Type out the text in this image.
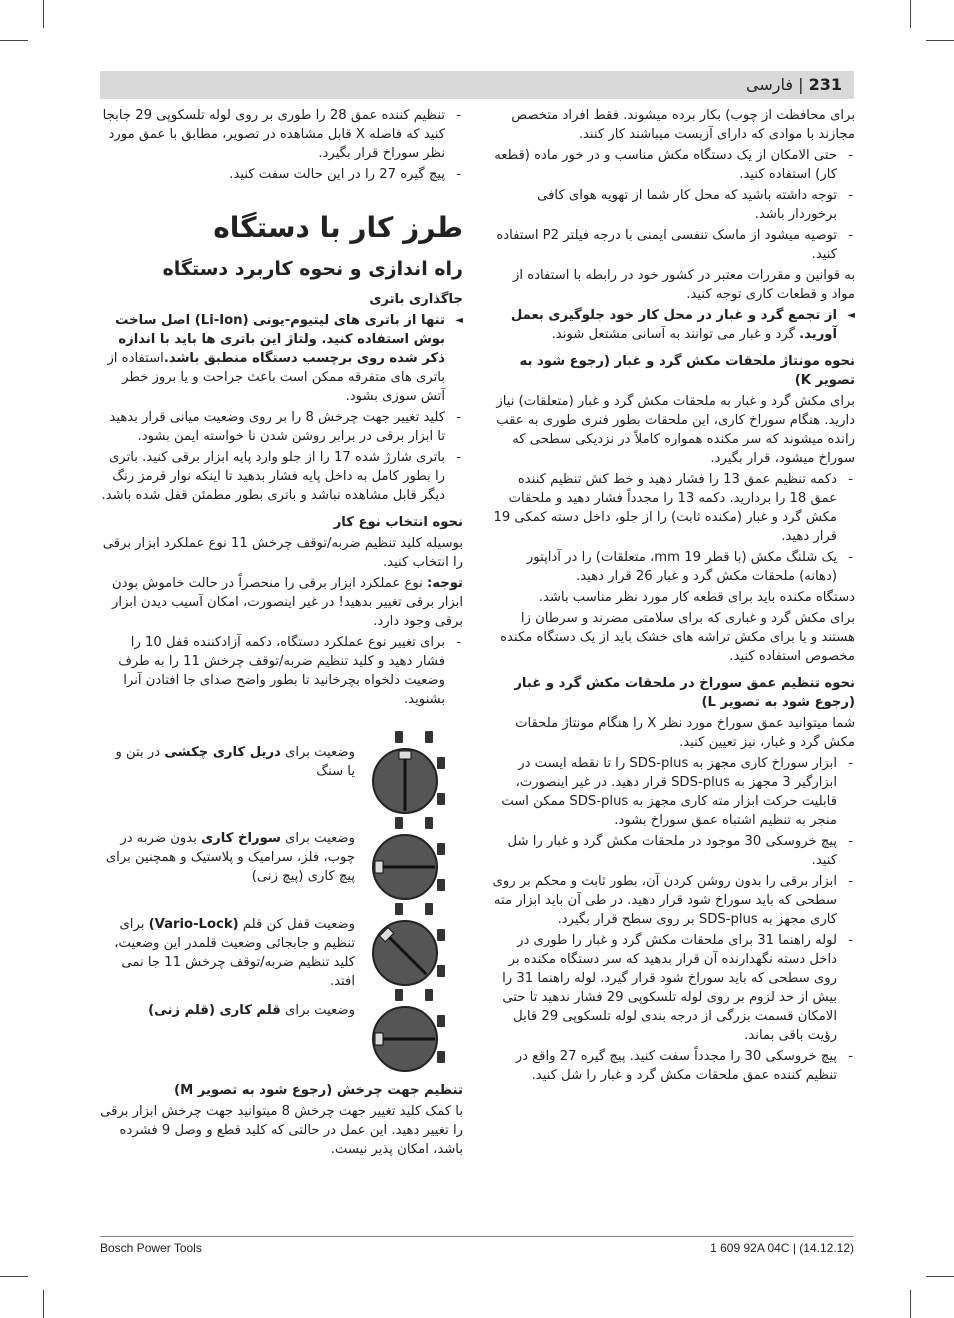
231 | فارسی

برای محافظت از چوب) بکار برده میشوند. فقط افراد متخصص مجازند با موادی که دارای آزبست میباشند کار کنند.

- حتی الامکان از یک دستگاه مکش مناسب و در خور ماده (قطعه کار) استفاده کنید.
- توجه داشته باشید که محل کار شما از تهویه هوای کافی برخوردار باشد.
- توصیه میشود از ماسک تنفسی ایمنی با درجه فیلتر P2 استفاده کنید.

به قوانین و مقررات معتبر در کشور خود در رابطه با استفاده از مواد و قطعات کاری توجه کنید.

◄ از تجمع گرد و غبار در محل کار خود جلوگیری بعمل آورید. گرد و غبار می توانند به آسانی مشتعل شوند.
نحوه مونتاژ ملحقات مکش گرد و غبار (رجوع شود به تصویر K)

برای مکش گرد و غبار به ملحقات مکش گرد و غبار (متعلقات) نیاز دارید. هنگام سوراخ کاری، این ملحقات بطور فنری طوری به عقب رانده میشوند که سر مکنده همواره کاملاً در نزدیکی سطحی که سوراخ میشود، قرار بگیرد.

- دکمه تنظیم عمق 13 را فشار دهید و خط کش تنظیم کننده عمق 18 را بردارید. دکمه 13 را مجدداً فشار دهید و ملحقات مکش گرد و غبار (مکنده ثابت) را از جلو، داخل دسته کمکی 19 قرار دهید.
- یک شلنگ مکش (با قطر 19 mm، متعلقات) را در آداپتور (دهانه) ملحقات مکش گرد و غبار 26 قرار دهید.

دستگاه مکنده باید برای قطعه کار مورد نظر مناسب باشد.

برای مکش گرد و غباری که برای سلامتی مضرند و سرطان زا هستند و یا برای مکش تراشه های خشک باید از یک دستگاه مکنده مخصوص استفاده کنید.

نحوه تنظیم عمق سوراخ در ملحقات مکش گرد و غبار (رجوع شود به تصویر L)

شما میتوانید عمق سوراخ مورد نظر X را هنگام مونتاژ ملحقات مکش گرد و غبار، نیز تعیین کنید.

- ابزار سوراخ کاری مجهز به SDS-plus را تا نقطه ایست در ابزارگیر 3 مجهز به SDS-plus قرار دهید. در غیر اینصورت، قابلیت حرکت ابزار مته کاری مجهز به SDS-plus ممکن است منجر به تنظیم اشتباه عمق سوراخ بشود.
- پیچ خروسکی 30 موجود در ملحقات مکش گرد و غبار را شل کنید.
- ابزار برقی را بدون روشن کردن آن، بطور ثابت و محکم بر روی سطحی که باید سوراخ شود قرار دهید. در طی آن باید ابزار مته کاری مجهز به SDS-plus بر روی سطح قرار بگیرد.
- لوله راهنما 31 برای ملحقات مکش گرد و غبار را طوری در داخل دسته نگهدارنده آن قرار بدهید که سر دستگاه مکنده بر روی سطحی که باید سوراخ شود قرار گیرد. لوله راهنما 31 را بیش از حد لزوم بر روی لوله تلسکوپی 29 فشار ندهید تا حتی الامکان قسمت بزرگی از درجه بندی لوله تلسکوپی 29 قابل رؤیت باقی بماند.
- پیچ خروسکی 30 را مجدداً سفت کنید. پیچ گیره 27 واقع در تنظیم کننده عمق ملحقات مکش گرد و غبار را شل کنید.
- تنظیم کننده عمق 28 را طوری بر روی لوله تلسکوپی 29 جابجا کنید که فاصله X قابل مشاهده در تصویر، مطابق با عمق مورد نظر سوراخ قرار بگیرد.
- پیچ گیره 27 را در این حالت سفت کنید.
طرز کار با دستگاه
راه اندازی و نحوه کاربرد دستگاه
جاگذاری باتری
◄ تنها از باتری های لیتیوم-یونی (Li-Ion) اصل ساخت بوش استفاده کنید. ولتاژ این باتری ها باید با اندازه ذکر شده روی برچسب دستگاه منطبق باشد.استفاده از باتری های متفرقه ممکن است باعث جراحت و یا بروز خطر آتش سوزی بشود.
- کلید تغییر جهت چرخش 8 را بر روی وضعیت میانی قرار بدهید تا ابزار برقی در برابر روشن شدن نا خواسته ایمن بشود.
- باتری شارژ شده 17 را از جلو وارد پایه ابزار برقی کنید. باتری را بطور کامل به داخل پایه فشار بدهید تا اینکه نوار قرمز رنگ دیگر قابل مشاهده نباشد و باتری بطور مطمئن قفل شده باشد.
نحوه انتخاب نوع کار

بوسیله کلید تنظیم ضربه/توقف چرخش 11 نوع عملکرد ابزار برقی را انتخاب کنید.

توجه: نوع عملکرد ابزار برقی را منحصراً در حالت خاموش بودن ابزار برقی تغییر بدهید! در غیر اینصورت، امکان آسیب دیدن ابزار برقی وجود دارد.

- برای تغییر نوع عملکرد دستگاه، دکمه آزادکننده قفل 10 را فشار دهید و کلید تنظیم ضربه/توقف چرخش 11 را به طرف وضعیت دلخواه بچرخانید تا بطور واضح صدای جا افتادن آنرا بشنوید.
وضعیت برای دریل کاری چکشی در بتن و یا سنگ
وضعیت برای سوراخ کاری بدون ضربه در چوب، فلز، سرامیک و پلاستیک و همچنین برای پیچ کاری (پیچ زنی)
وضعیت قفل کن قلم (Vario-Lock) برای تنظیم و جابجائی وضعیت قلمدر این وضعیت، کلید تنظیم ضربه/توقف چرخش 11 جا نمی افتد.
وضعیت برای قلم کاری (قلم زنی)
تنظیم جهت چرخش (رجوع شود به تصویر M)

با کمک کلید تغییر جهت چرخش 8 میتوانید جهت چرخش ابزار برقی را تغییر دهید. این عمل در حالتی که کلید قطع و وصل 9 فشرده باشد، امکان پذیر نیست.

Bosch Power Tools	1 609 92A 04C | (14.12.12)
